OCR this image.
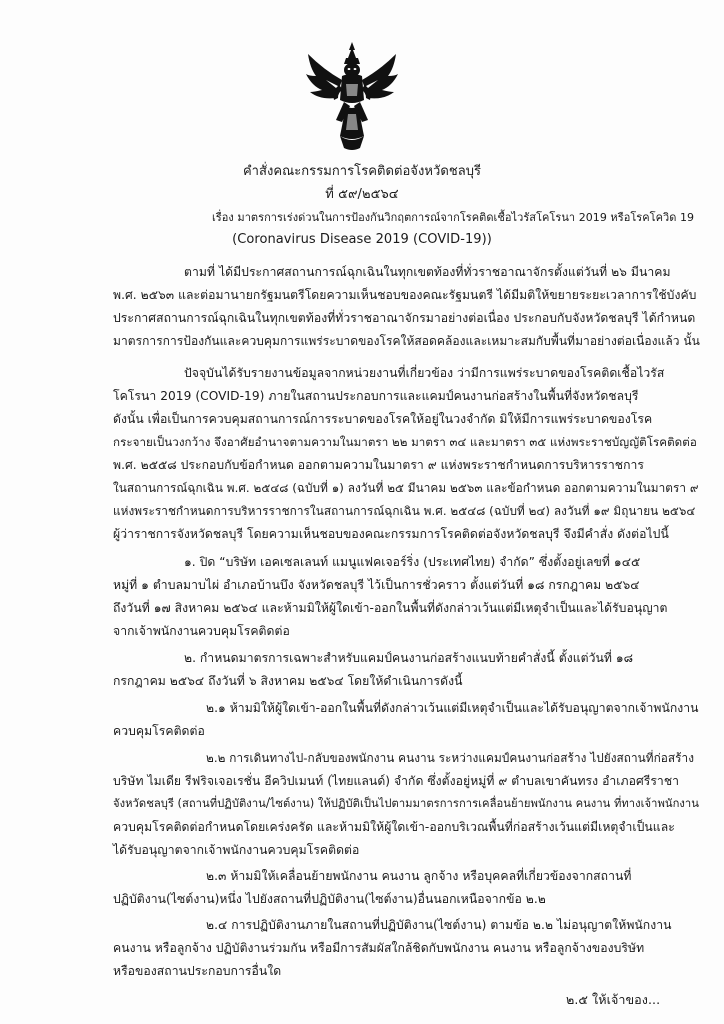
คำสั่งคณะกรรมการโรคติดต่อจังหวัดชลบุรี
ที่ ๕๙/๒๕๖๔
เรื่อง มาตรการเร่งด่วนในการป้องกันวิกฤตการณ์จากโรคติดเชื้อไวรัสโคโรนา 2019 หรือโรคโควิด 19
(Coronavirus Disease 2019 (COVID-19))
ตามที่ ได้มีประกาศสถานการณ์ฉุกเฉินในทุกเขตท้องที่ทั่วราชอาณาจักรตั้งแต่วันที่ ๒๖ มีนาคม
พ.ศ. ๒๕๖๓ และต่อมานายกรัฐมนตรีโดยความเห็นชอบของคณะรัฐมนตรี ได้มีมติให้ขยายระยะเวลาการใช้บังคับ
ประกาศสถานการณ์ฉุกเฉินในทุกเขตท้องที่ทั่วราชอาณาจักรมาอย่างต่อเนื่อง ประกอบกับจังหวัดชลบุรี ได้กำหนด
มาตรการการป้องกันและควบคุมการแพร่ระบาดของโรคให้สอดคล้องและเหมาะสมกับพื้นที่มาอย่างต่อเนื่องแล้ว นั้น
ปัจจุบันได้รับรายงานข้อมูลจากหน่วยงานที่เกี่ยวข้อง ว่ามีการแพร่ระบาดของโรคติดเชื้อไวรัส
โคโรนา 2019 (COVID-19) ภายในสถานประกอบการและแคมป์คนงานก่อสร้างในพื้นที่จังหวัดชลบุรี
ดังนั้น เพื่อเป็นการควบคุมสถานการณ์การระบาดของโรคให้อยู่ในวงจำกัด มิให้มีการแพร่ระบาดของโรค
กระจายเป็นวงกว้าง จึงอาศัยอำนาจตามความในมาตรา ๒๒ มาตรา ๓๔ และมาตรา ๓๕ แห่งพระราชบัญญัติโรคติดต่อ
พ.ศ. ๒๕๕๘ ประกอบกับข้อกำหนด ออกตามความในมาตรา ๙ แห่งพระราชกำหนดการบริหารราชการ
ในสถานการณ์ฉุกเฉิน พ.ศ. ๒๕๔๘ (ฉบับที่ ๑) ลงวันที่ ๒๕ มีนาคม ๒๕๖๓ และข้อกำหนด ออกตามความในมาตรา ๙
แห่งพระราชกำหนดการบริหารราชการในสถานการณ์ฉุกเฉิน พ.ศ. ๒๕๔๘ (ฉบับที่ ๒๔) ลงวันที่ ๑๙ มิถุนายน ๒๕๖๔
ผู้ว่าราชการจังหวัดชลบุรี โดยความเห็นชอบของคณะกรรมการโรคติดต่อจังหวัดชลบุรี จึงมีคำสั่ง ดังต่อไปนี้
๑. ปิด “บริษัท เอคเซลเลนท์ แมนูแฟคเจอร์ริ่ง (ประเทศไทย) จำกัด” ซึ่งตั้งอยู่เลขที่ ๑๔๕
หมู่ที่ ๑ ตำบลมาบไผ่ อำเภอบ้านบึง จังหวัดชลบุรี ไว้เป็นการชั่วคราว ตั้งแต่วันที่ ๑๘ กรกฎาคม ๒๕๖๔
ถึงวันที่ ๑๗ สิงหาคม ๒๕๖๔ และห้ามมิให้ผู้ใดเข้า-ออกในพื้นที่ดังกล่าวเว้นแต่มีเหตุจำเป็นและได้รับอนุญาต
จากเจ้าพนักงานควบคุมโรคติดต่อ
๒. กำหนดมาตรการเฉพาะสำหรับแคมป์คนงานก่อสร้างแนบท้ายคำสั่งนี้ ตั้งแต่วันที่ ๑๘
กรกฎาคม ๒๕๖๔ ถึงวันที่ ๖ สิงหาคม ๒๕๖๔ โดยให้ดำเนินการดังนี้
๒.๑ ห้ามมิให้ผู้ใดเข้า-ออกในพื้นที่ดังกล่าวเว้นแต่มีเหตุจำเป็นและได้รับอนุญาตจากเจ้าพนักงาน
ควบคุมโรคติดต่อ
๒.๒ การเดินทางไป-กลับของพนักงาน คนงาน ระหว่างแคมป์คนงานก่อสร้าง ไปยังสถานที่ก่อสร้าง
บริษัท ไมเดีย รีฟริจเจอเรชั่น อีควิปเมนท์ (ไทยแลนด์) จำกัด ซึ่งตั้งอยู่หมู่ที่ ๙ ตำบลเขาคันทรง อำเภอศรีราชา
จังหวัดชลบุรี (สถานที่ปฏิบัติงาน/ไซต์งาน) ให้ปฏิบัติเป็นไปตามมาตรการการเคลื่อนย้ายพนักงาน คนงาน ที่ทางเจ้าพนักงาน
ควบคุมโรคติดต่อกำหนดโดยเคร่งครัด และห้ามมิให้ผู้ใดเข้า-ออกบริเวณพื้นที่ก่อสร้างเว้นแต่มีเหตุจำเป็นและ
ได้รับอนุญาตจากเจ้าพนักงานควบคุมโรคติดต่อ
๒.๓ ห้ามมิให้เคลื่อนย้ายพนักงาน คนงาน ลูกจ้าง หรือบุคคลที่เกี่ยวข้องจากสถานที่
ปฏิบัติงาน(ไซต์งาน)หนึ่ง ไปยังสถานที่ปฏิบัติงาน(ไซต์งาน)อื่นนอกเหนือจากข้อ ๒.๒
๒.๔ การปฏิบัติงานภายในสถานที่ปฏิบัติงาน(ไซต์งาน) ตามข้อ ๒.๒ ไม่อนุญาตให้พนักงาน
คนงาน หรือลูกจ้าง ปฏิบัติงานร่วมกัน หรือมีการสัมผัสใกล้ชิดกับพนักงาน คนงาน หรือลูกจ้างของบริษัท
หรือของสถานประกอบการอื่นใด
๒.๕ ให้เจ้าของ...
